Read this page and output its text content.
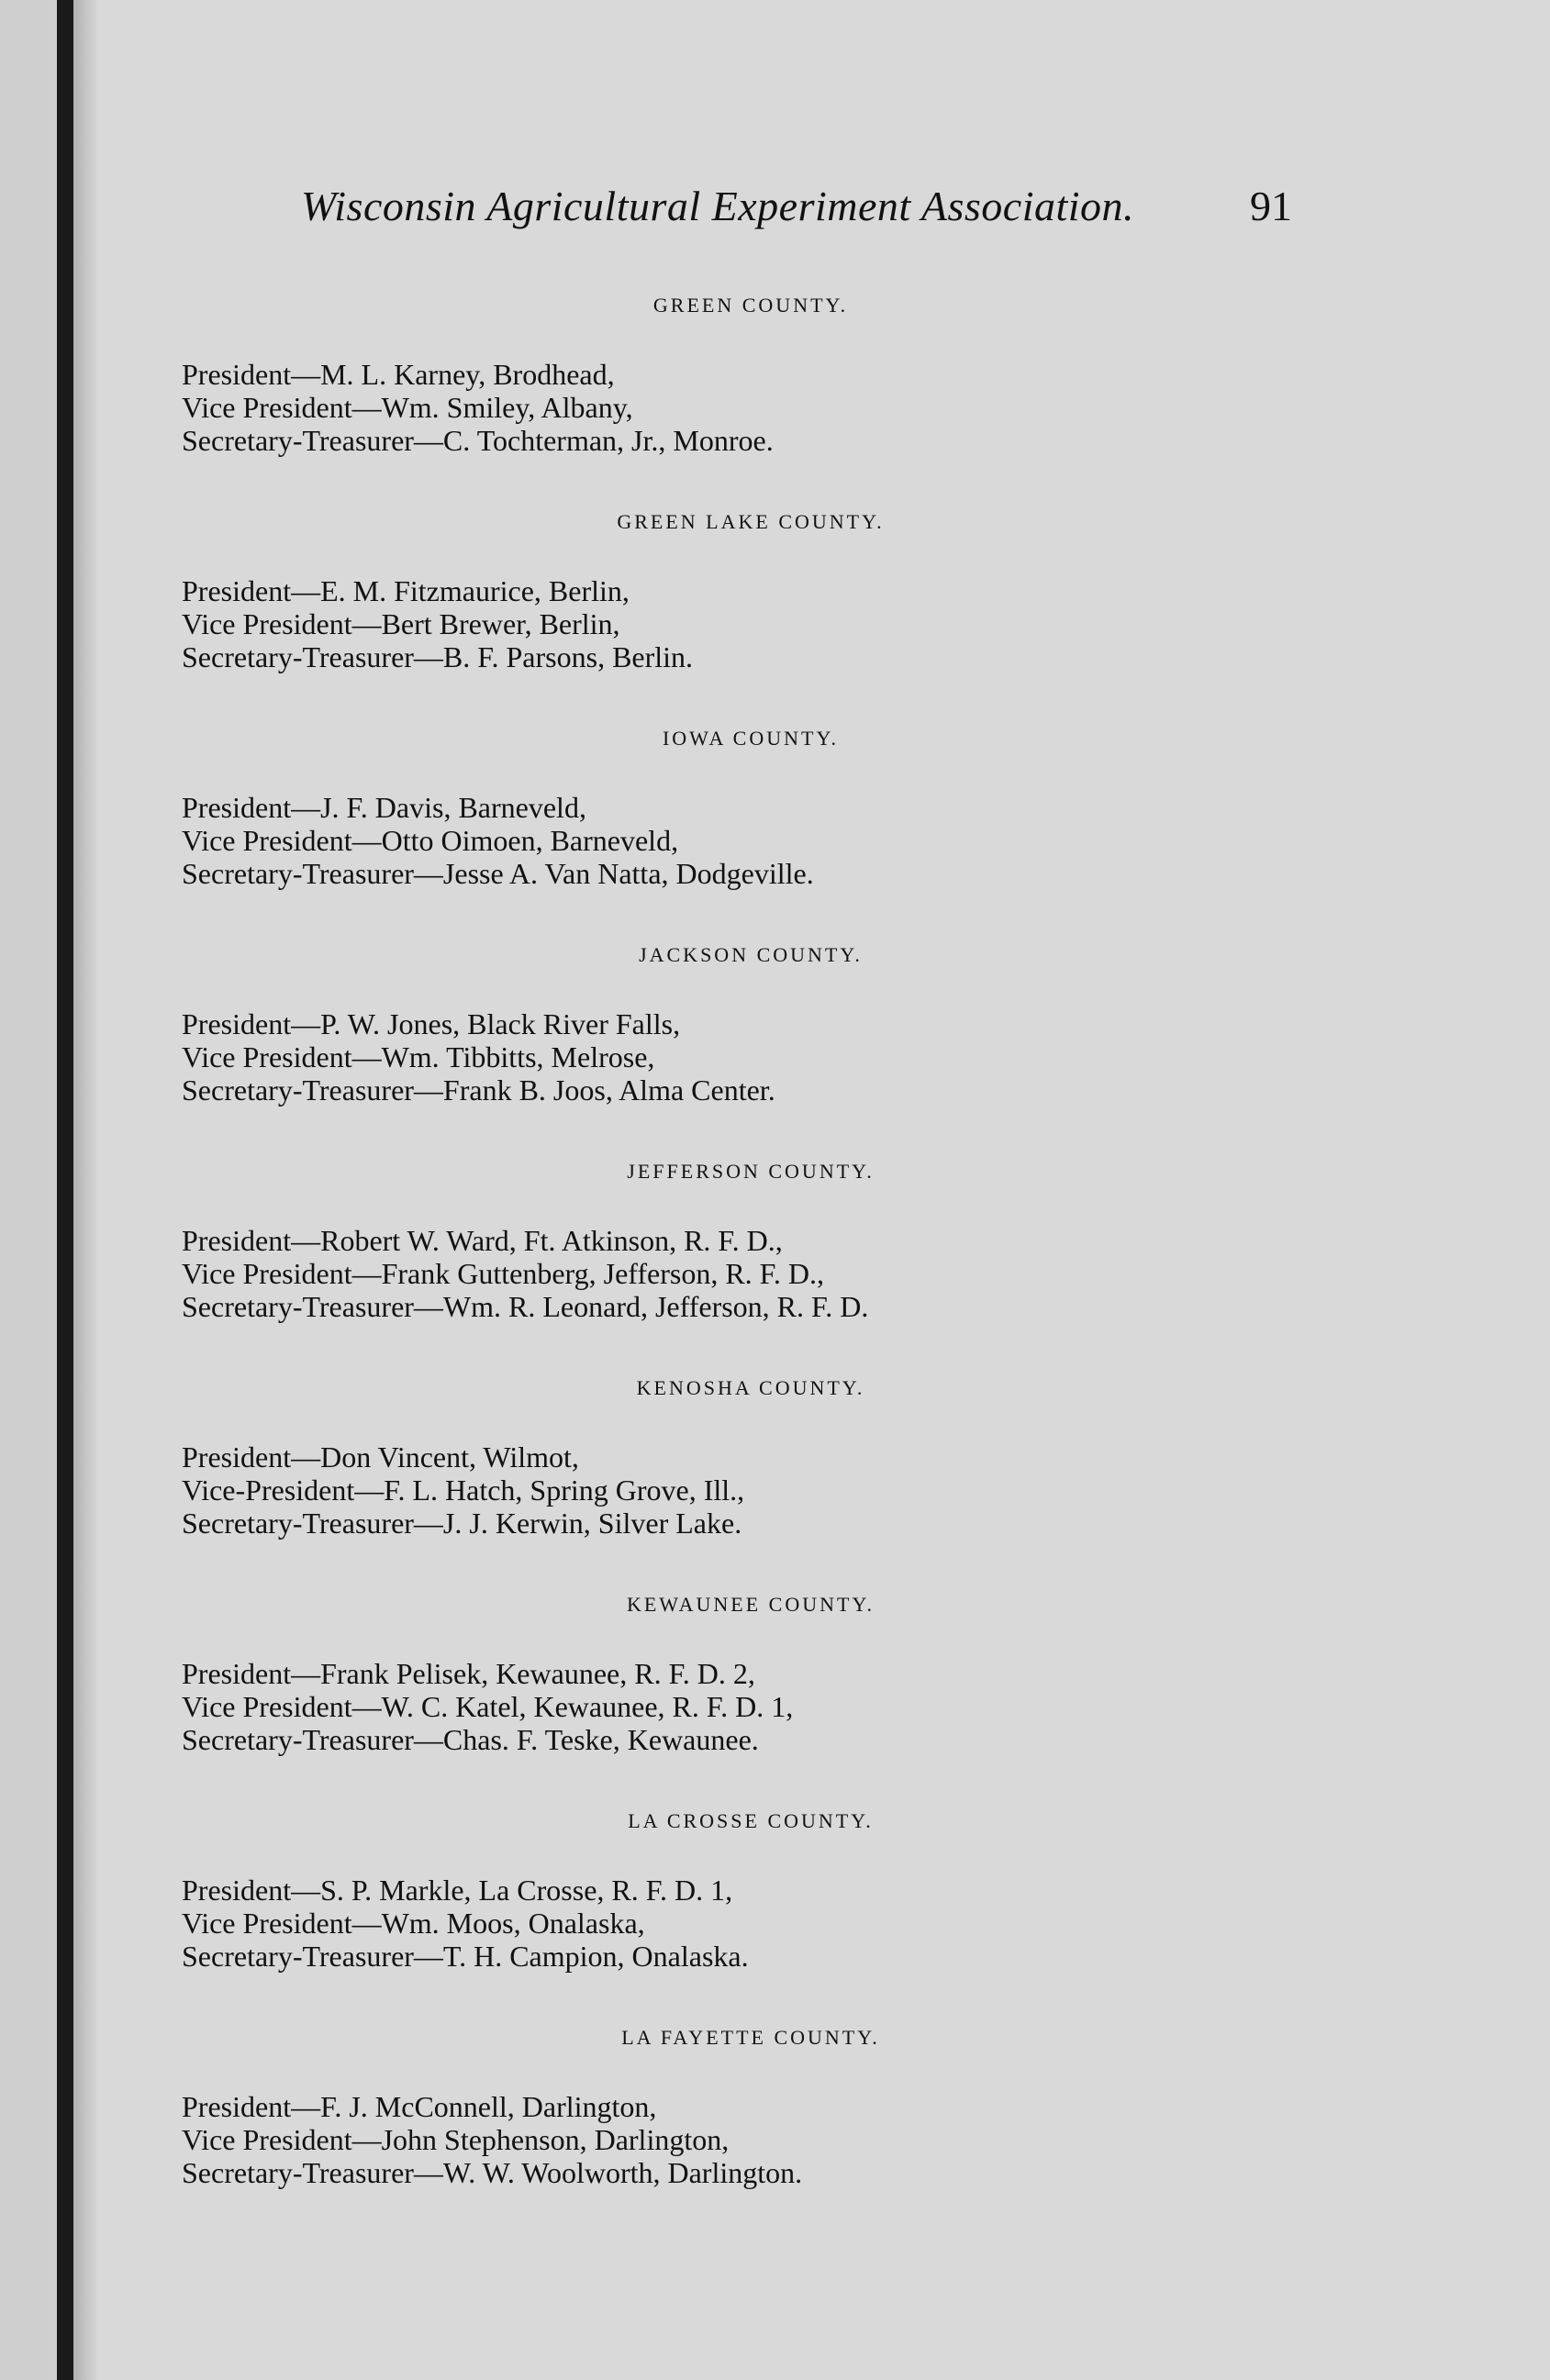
Wisconsin Agricultural Experiment Association.	91
GREEN COUNTY.
President—M. L. Karney, Brodhead,
Vice President—Wm. Smiley, Albany,
Secretary-Treasurer—C. Tochterman, Jr., Monroe.
GREEN LAKE COUNTY.
President—E. M. Fitzmaurice, Berlin,
Vice President—Bert Brewer, Berlin,
Secretary-Treasurer—B. F. Parsons, Berlin.
IOWA COUNTY.
President—J. F. Davis, Barneveld,
Vice President—Otto Oimoen, Barneveld,
Secretary-Treasurer—Jesse A. Van Natta, Dodgeville.
JACKSON COUNTY.
President—P. W. Jones, Black River Falls,
Vice President—Wm. Tibbitts, Melrose,
Secretary-Treasurer—Frank B. Joos, Alma Center.
JEFFERSON COUNTY.
President—Robert W. Ward, Ft. Atkinson, R. F. D.,
Vice President—Frank Guttenberg, Jefferson, R. F. D.,
Secretary-Treasurer—Wm. R. Leonard, Jefferson, R. F. D.
KENOSHA COUNTY.
President—Don Vincent, Wilmot,
Vice-President—F. L. Hatch, Spring Grove, Ill.,
Secretary-Treasurer—J. J. Kerwin, Silver Lake.
KEWAUNEE COUNTY.
President—Frank Pelisek, Kewaunee, R. F. D. 2,
Vice President—W. C. Katel, Kewaunee, R. F. D. 1,
Secretary-Treasurer—Chas. F. Teske, Kewaunee.
LA CROSSE COUNTY.
President—S. P. Markle, La Crosse, R. F. D. 1,
Vice President—Wm. Moos, Onalaska,
Secretary-Treasurer—T. H. Campion, Onalaska.
LA FAYETTE COUNTY.
President—F. J. McConnell, Darlington,
Vice President—John Stephenson, Darlington,
Secretary-Treasurer—W. W. Woolworth, Darlington.
